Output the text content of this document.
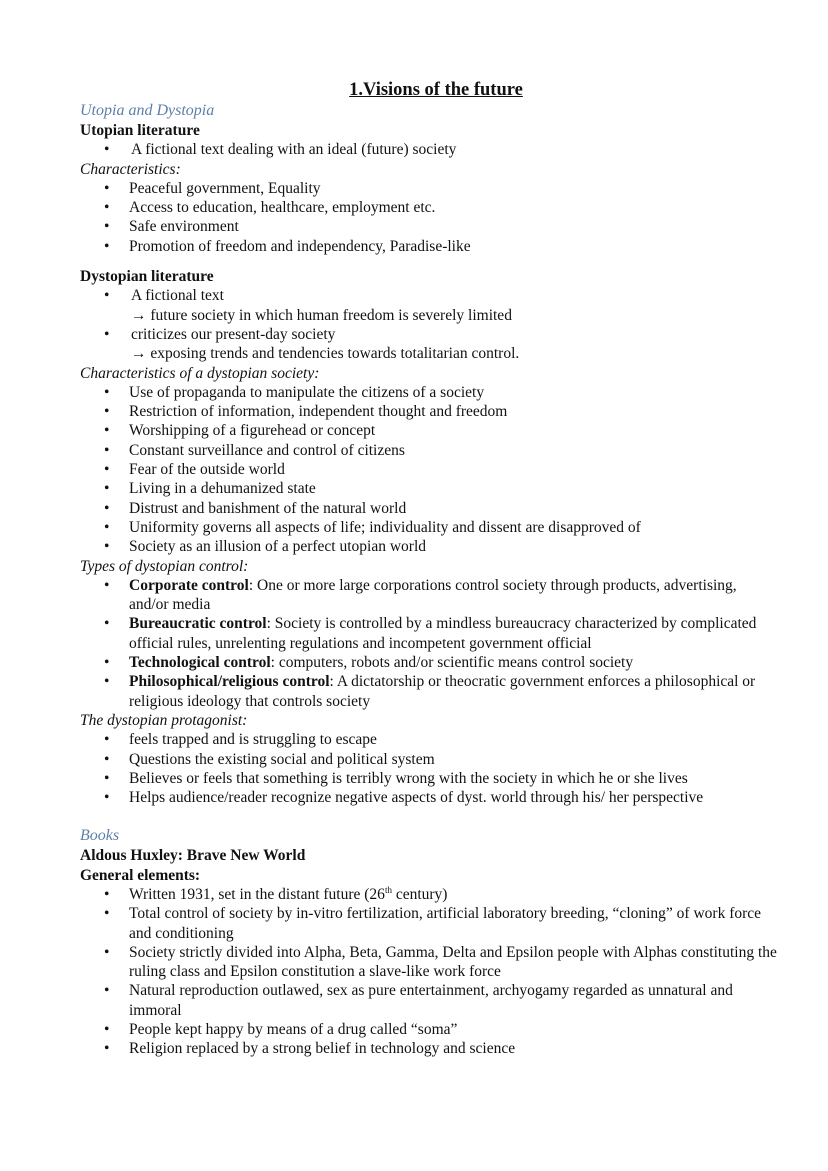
1.Visions of the future
Utopia and Dystopia
Utopian literature
• A fictional text dealing with an ideal (future) society
Characteristics:
• Peaceful government, Equality
• Access to education, healthcare, employment etc.
• Safe environment
• Promotion of freedom and independency, Paradise-like
Dystopian literature
• A fictional text
→ future society in which human freedom is severely limited
• criticizes our present-day society
→ exposing trends and tendencies towards totalitarian control.
Characteristics of a dystopian society:
• Use of propaganda to manipulate the citizens of a society
• Restriction of information, independent thought and freedom
• Worshipping of a figurehead or concept
• Constant surveillance and control of citizens
• Fear of the outside world
• Living in a dehumanized state
• Distrust and banishment of the natural world
• Uniformity governs all aspects of life; individuality and dissent are disapproved of
• Society as an illusion of a perfect utopian world
Types of dystopian control:
• Corporate control: One or more large corporations control society through products, advertising, and/or media
• Bureaucratic control: Society is controlled by a mindless bureaucracy characterized by complicated official rules, unrelenting regulations and incompetent government official
• Technological control: computers, robots and/or scientific means control society
• Philosophical/religious control: A dictatorship or theocratic government enforces a philosophical or religious ideology that controls society
The dystopian protagonist:
• feels trapped and is struggling to escape
• Questions the existing social and political system
• Believes or feels that something is terribly wrong with the society in which he or she lives
• Helps audience/reader recognize negative aspects of dyst. world through his/ her perspective
Books
Aldous Huxley: Brave New World
General elements:
• Written 1931, set in the distant future (26th century)
• Total control of society by in-vitro fertilization, artificial laboratory breeding, “cloning” of work force and conditioning
• Society strictly divided into Alpha, Beta, Gamma, Delta and Epsilon people with Alphas constituting the ruling class and Epsilon constitution a slave-like work force
• Natural reproduction outlawed, sex as pure entertainment, archyogamy regarded as unnatural and immoral
• People kept happy by means of a drug called “soma”
• Religion replaced by a strong belief in technology and science
